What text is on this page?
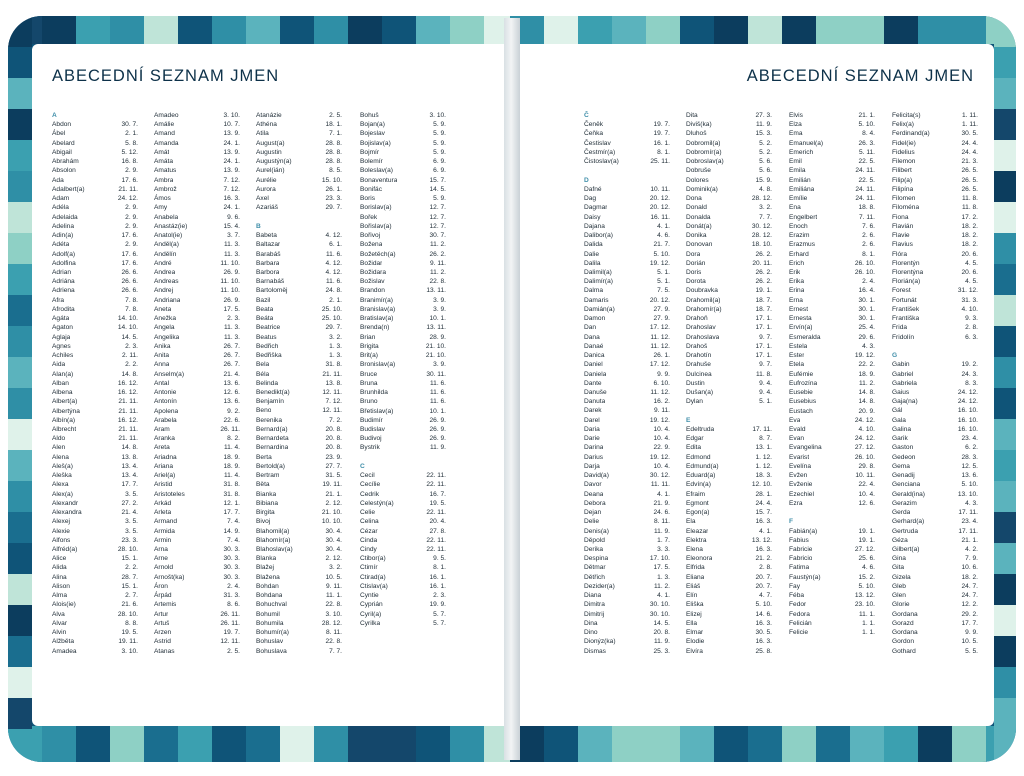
ABECEDNÍ SEZNAM JMEN
A
Abdon	30. 7.
Ábel	2. 1.
Abelard	5. 8.
Abigail	5. 12.
Abrahám	16. 8.
Absolon	2. 9.
Ada	17. 6.
Adalbert(a)	21. 11.
Adam	24. 12.
Adéla	2. 9.
Adelaida	2. 9.
Adelina	2. 9.
Adin(a)	17. 6.
Adéta	2. 9.
Adolf(a)	17. 6.
Adolfina	17. 6.
Adrian	26. 6.
Adriána	26. 6.
Adriena	26. 6.
Afra	7. 8.
Afrodita	7. 8.
Agáta	14. 10.
Agaton	14. 10.
Aglaja	14. 5.
Agnes	2. 3.
Achiles	2. 11.
Aida	2. 2.
Alan(a)	14. 8.
Alban	16. 12.
Albena	16. 12.
Albert(a)	21. 11.
Albertýna	21. 11.
Albín(a)	16. 12.
Albrecht	21. 11.
Aldo	21. 11.
Alen	14. 8.
Alena	13. 8.
Aleš(a)	13. 4.
Aleška	13. 4.
Alexa	17. 7.
Alex(a)	3. 5.
Alexandr	27. 2.
Alexandra	21. 4.
Alexej	3. 5.
Alexie	3. 5.
Alfons	23. 3.
Alfréd(a)	28. 10.
Alice	15. 1.
Alida	2. 2.
Alina	28. 7.
Alison	15. 1.
Alma	2. 7.
Alois(ie)	21. 6.
Alva	28. 10.
Alvar	8. 8.
Alvin	19. 5.
Alžběta	19. 11.
Amadea	3. 10.
Amadeo	3. 10.
Amálie	10. 7.
Amand	13. 9.
Amanda	24. 1.
Amát	13. 9.
Amáta	24. 1.
Amatus	13. 9.
Ambra	7. 12.
Ambrož	7. 12.
Ámos	16. 3.
Amy	24. 1.
Anabela	9. 6.
Anastáz(ie)	15. 4.
Anatol(ie)	3. 7.
Anděl(a)	11. 3.
Andělín	11. 3.
André	11. 10.
Andrea	26. 9.
Andreas	11. 10.
Andrej	11. 10.
Andriana	26. 9.
Aneta	17. 5.
Anežka	2. 3.
Angela	11. 3.
Angelika	11. 3.
Anika	26. 7.
Anita	26. 7.
Anna	26. 7.
Anselm(a)	21. 4.
Antal	13. 6.
Antonie	12. 6.
Antonín	13. 6.
Apolena	9. 2.
Arabela	22. 6.
Aram	26. 11.
Aranka	8. 2.
Areta	11. 4.
Ariadna	18. 9.
Ariana	18. 9.
Ariel(a)	11. 4.
Aristid	31. 8.
Aristoteles	31. 8.
Arkád	12. 1.
Arleta	17. 7.
Armand	7. 4.
Armida	14. 9.
Armin	7. 4.
Arna	30. 3.
Arne	30. 3.
Arnold	30. 3.
Arnošt(ka)	30. 3.
Áron	2. 4.
Árpád	31. 3.
Artemis	8. 6.
Artur	26. 11.
Artuš	26. 11.
Arzen	19. 7.
Astrid	12. 11.
Atanas	2. 5.
Atanázie	2. 5.
Athéna	18. 1.
Atila	7. 1.
August(a)	28. 8.
Augustin	28. 8.
Augustýn(a)	28. 8.
Aurel(ián)	8. 5.
Aurélie	15. 10.
Aurora	26. 1.
Axel	23. 3.
Azariáš	29. 7.
B
Babeta	4. 12.
Baltazar	6. 1.
Barabáš	11. 6.
Barbara	4. 12.
Barbora	4. 12.
Barnabáš	11. 6.
Bartoloměj	24. 8.
Bazil	2. 1.
Beata	25. 10.
Beáta	25. 10.
Beatrice	29. 7.
Beatus	3. 2.
Bedřich	1. 3.
Bedřiška	1. 3.
Bela	31. 8.
Béla	21. 11.
Belinda	13. 8.
Benedikt(a)	12. 11.
Benjamín	7. 12.
Beno	12. 11.
Berenika	7. 2.
Bernard(a)	20. 8.
Bernardeta	20. 8.
Bernardina	20. 8.
Berta	23. 9.
Bertold(a)	27. 7.
Bertram	31. 5.
Běta	19. 11.
Bianka	21. 1.
Bibiana	2. 12.
Birgita	21. 10.
Bivoj	10. 10.
Blahomil(a)	30. 4.
Blahomír(a)	30. 4.
Blahoslav(a)	30. 4.
Blanka	2. 12.
Blažej	3. 2.
Blažena	10. 5.
Bohdan	9. 11.
Bohdana	11. 1.
Bohuchval	22. 8.
Bohumil	3. 10.
Bohumila	28. 12.
Bohumír(a)	8. 11.
Bohuslav	22. 8.
Bohuslava	7. 7.
Bohuš	3. 10.
Bojan(a)	5. 9.
Bojeslav	5. 9.
Bojislav(a)	5. 9.
Bojmír	5. 9.
Bolemír	6. 9.
Boleslav(a)	6. 9.
Bonaventura	15. 7.
Bonifác	14. 5.
Boris	5. 9.
Borislav(a)	12. 7.
Bořek	12. 7.
Bořislav(a)	12. 7.
Bořivoj	30. 7.
Božena	11. 2.
Božetěch(a)	26. 2.
Božidar	9. 11.
Božidara	11. 2.
Božislav	22. 8.
Brandon	13. 11.
Branimír(a)	3. 9.
Branislav(a)	3. 9.
Bratislav(a)	10. 1.
Brenda(n)	13. 11.
Brian	28. 9.
Brigita	21. 10.
Brit(a)	21. 10.
Bronislav(a)	3. 9.
Bruce	30. 11.
Bruna	11. 6.
Brunhilda	11. 6.
Bruno	11. 6.
Břetislav(a)	10. 1.
Budimír	26. 9.
Budislav	26. 9.
Budivoj	26. 9.
Bystrik	11. 9.
C
Cecil	22. 11.
Cecílie	22. 11.
Cedrik	16. 7.
Celestýn(a)	19. 5.
Celie	22. 11.
Celina	20. 4.
Cézar	27. 8.
Cinda	22. 11.
Cindy	22. 11.
Ctibor(a)	9. 5.
Ctimír	8. 1.
Ctirad(a)	16. 1.
Ctislav(a)	16. 1.
Cyntie	2. 3.
Cyprián	19. 9.
Cyril(a)	5. 7.
Cyrilka	5. 7.
ABECEDNÍ SEZNAM JMEN
Č
Čeněk	19. 7.
Čeňka	19. 7.
Čestislav	16. 1.
Čestmír(a)	8. 1.
Čistoslav(a)	25. 11.
D
Dafné	10. 11.
Dag	20. 12.
Dagmar	20. 12.
Daisy	16. 11.
Dajana	4. 1.
Dalibor(a)	4. 6.
Dalida	21. 7.
Dalie	5. 10.
Dalila	19. 12.
Dalimil(a)	5. 1.
Dalimír(a)	5. 1.
Dalma	7. 5.
Damaris	20. 12.
Damián(a)	27. 9.
Damon	27. 9.
Dan	17. 12.
Dana	11. 12.
Danaé	11. 12.
Danica	26. 1.
Daniel	17. 12.
Daniela	9. 9.
Dante	6. 10.
Danuše	11. 12.
Danuta	16. 2.
Darek	9. 11.
Darel	19. 12.
Daria	10. 4.
Darie	10. 4.
Darina	22. 9.
Darius	19. 12.
Darja	10. 4.
David(a)	30. 12.
Davor	11. 11.
Deana	4. 1.
Debora	21. 9.
Dejan	24. 6.
Delie	8. 11.
Denis(a)	11. 9.
Děpold	1. 7.
Derika	3. 3.
Despina	17. 10.
Dětmar	17. 5.
Dětřich	1. 3.
Dezider(a)	11. 2.
Diana	4. 1.
Dimitra	30. 10.
Dimitrij	30. 10.
Dina	14. 5.
Dino	20. 8.
Dionýz(ka)	11. 9.
Dismas	25. 3.
Dita	27. 3.
Diviš(ka)	11. 9.
Dluhoš	15. 3.
Dobromil(a)	5. 2.
Dobromír(a)	5. 2.
Dobroslav(a)	5. 6.
Dobruše	5. 6.
Dolores	15. 9.
Dominik(a)	4. 8.
Dona	28. 12.
Donald	3. 2.
Donalda	7. 7.
Donát(a)	30. 12.
Donika	28. 12.
Donovan	18. 10.
Dora	26. 2.
Dorián	20. 11.
Doris	26. 2.
Dorota	26. 2.
Doubravka	19. 1.
Drahomil(a)	18. 7.
Drahomír(a)	18. 7.
Drahoň	17. 1.
Drahoslav	17. 1.
Drahoslava	9. 7.
Drahoš	17. 1.
Drahotín	17. 1.
Drahuše	9. 7.
Dulcinea	11. 8.
Dustin	9. 4.
Dušan(a)	9. 4.
Dylan	5. 1.
E
Edeltruda	17. 11.
Edgar	8. 7.
Edita	13. 1.
Edmond	1. 12.
Edmund(a)	1. 12.
Eduard(a)	18. 3.
Edvín(a)	12. 10.
Efraim	28. 1.
Egmont	24. 4.
Egon(a)	15. 7.
Ela	16. 3.
Eleazar	4. 1.
Elektra	13. 12.
Elena	16. 3.
Eleonora	21. 2.
Elfrida	2. 8.
Eliana	20. 7.
Eliáš	20. 7.
Elín	4. 7.
Eliška	5. 10.
Elizej	14. 6.
Ella	16. 3.
Elmar	30. 5.
Elodie	16. 3.
Elvíra	25. 8.
Elvis	21. 1.
Elza	5. 10.
Ema	8. 4.
Emanuel(a)	26. 3.
Emerich	5. 11.
Emil	22. 5.
Emila	24. 11.
Emilián	22. 5.
Emiliána	24. 11.
Emílie	24. 11.
Ena	18. 8.
Engelbert	7. 11.
Enoch	7. 6.
Erazim	2. 6.
Erazmus	2. 6.
Erhard	8. 1.
Erich	26. 10.
Erik	26. 10.
Erika	2. 4.
Erina	16. 4.
Erna	30. 1.
Ernest	30. 1.
Ernesta	30. 1.
Ervín(a)	25. 4.
Esmeralda	29. 6.
Estela	4. 3.
Ester	19. 12.
Etela	22. 2.
Eufémie	18. 9.
Eufrozína	11. 2.
Eusebie	14. 8.
Eusebius	14. 8.
Eustach	20. 9.
Eva	24. 12.
Evald	4. 10.
Evan	24. 12.
Evangelina	27. 12.
Evarist	26. 10.
Evelína	29. 8.
Evžen	10. 11.
Evženie	22. 4.
Ezechiel	10. 4.
Ezra	12. 6.
F
Fabián(a)	19. 1.
Fabius	19. 1.
Fabricie	27. 12.
Fabricio	25. 6.
Fatima	4. 6.
Faustýn(a)	15. 2.
Fay	5. 10.
Féba	13. 12.
Fedor	23. 10.
Fedora	11. 1.
Felicián	1. 1.
Felicie	1. 1.
Felicita(s)	1. 11.
Felix(a)	1. 11.
Ferdinand(a)	30. 5.
Fidel(ie)	24. 4.
Fidelius	24. 4.
Filemon	21. 3.
Filibert	26. 5.
Filip(a)	26. 5.
Filipína	26. 5.
Filomen	11. 8.
Filoména	11. 8.
Fiona	17. 2.
Flavián	18. 2.
Flavie	18. 2.
Flavius	18. 2.
Flóra	20. 6.
Florentýn	4. 5.
Florentýna	20. 6.
Florián(a)	4. 5.
Forest	31. 12.
Fortunát	31. 3.
František	4. 10.
Františka	9. 3.
Frida	2. 8.
Fridolín	6. 3.
G
Gabin	19. 2.
Gabriel	24. 3.
Gabriela	8. 3.
Gaius	24. 12.
Gaja(na)	24. 12.
Gál	16. 10.
Gala	16. 10.
Galina	16. 10.
Garik	23. 4.
Gaston	6. 2.
Gedeon	28. 3.
Gema	12. 5.
Genadij	13. 6.
Genciana	5. 10.
Gerald(ina)	13. 10.
Gerazim	4. 3.
Gerda	17. 11.
Gerhard(a)	23. 4.
Gertruda	17. 11.
Géza	21. 1.
Gilbert(a)	4. 2.
Gina	7. 9.
Gita	10. 6.
Gizela	18. 2.
Gleb	24. 7.
Glen	24. 7.
Glorie	12. 2.
Gordana	29. 2.
Gorazd	17. 7.
Gordana	9. 9.
Gordon	10. 5.
Gothard	5. 5.
